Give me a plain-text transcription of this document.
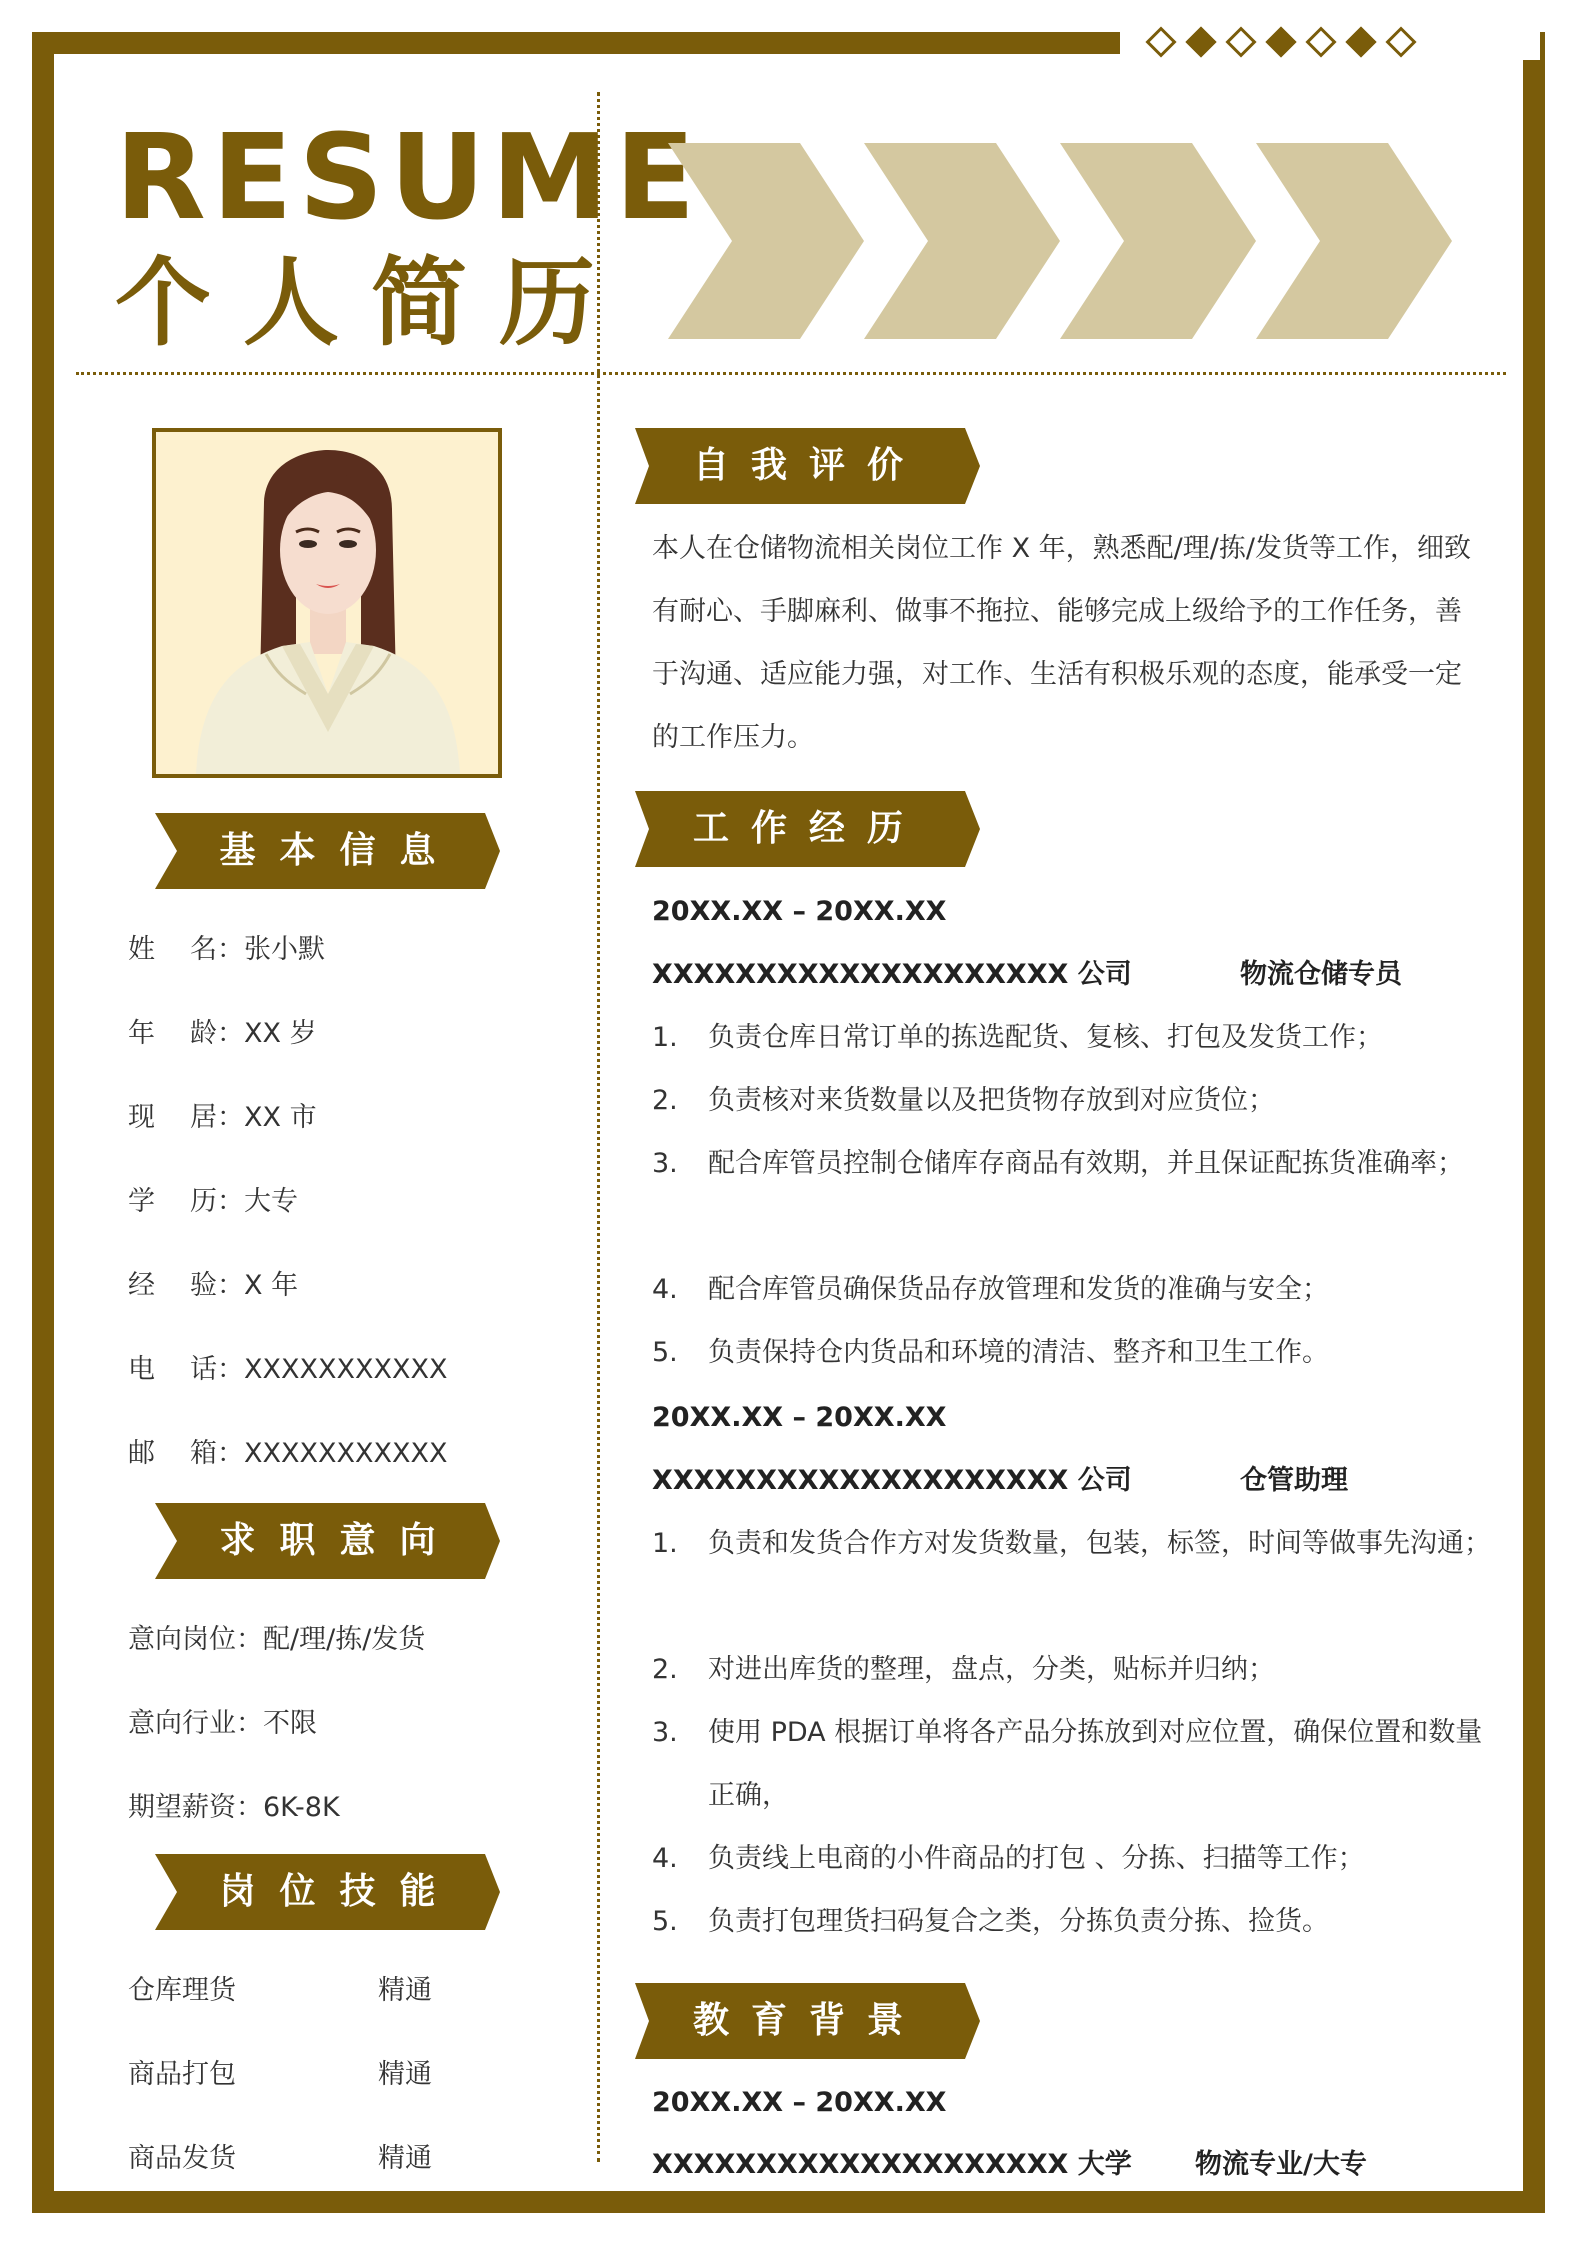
RESUME
个人简历
基本信息
求职意向
岗位技能
姓 名：张小默
年 龄：XX 岁
现 居：XX 市
学 历：大专
经 验：X 年
电 话：XXXXXXXXXXX
邮 箱：XXXXXXXXXXX
意向岗位：配/理/拣/发货
意向行业：不限
期望薪资：6K-8K
仓库理货	精通
商品打包	精通
商品发货	精通
自我评价
工作经历
教育背景
本人在仓储物流相关岗位工作 X 年，熟悉配/理/拣/发货等工作，细致有耐心、手脚麻利、做事不拖拉、能够完成上级给予的工作任务，善于沟通、适应能力强，对工作、生活有积极乐观的态度，能承受一定的工作压力。
20XX.XX – 20XX.XX
XXXXXXXXXXXXXXXXXXXX 公司	物流仓储专员
1. 负责仓库日常订单的拣选配货、复核、打包及发货工作；
2. 负责核对来货数量以及把货物存放到对应货位；
3. 配合库管员控制仓储库存商品有效期，并且保证配拣货准确率；
4. 配合库管员确保货品存放管理和发货的准确与安全；
5. 负责保持仓内货品和环境的清洁、整齐和卫生工作。
20XX.XX – 20XX.XX
XXXXXXXXXXXXXXXXXXXX 公司	仓管助理
1. 负责和发货合作方对发货数量，包装，标签，时间等做事先沟通；
2. 对进出库货的整理，盘点，分类，贴标并归纳；
3. 使用 PDA 根据订单将各产品分拣放到对应位置，确保位置和数量正确，
4. 负责线上电商的小件商品的打包 、分拣、扫描等工作；
5. 负责打包理货扫码复合之类，分拣负责分拣、捡货。
20XX.XX – 20XX.XX
XXXXXXXXXXXXXXXXXXXX 大学 物流专业/大专
